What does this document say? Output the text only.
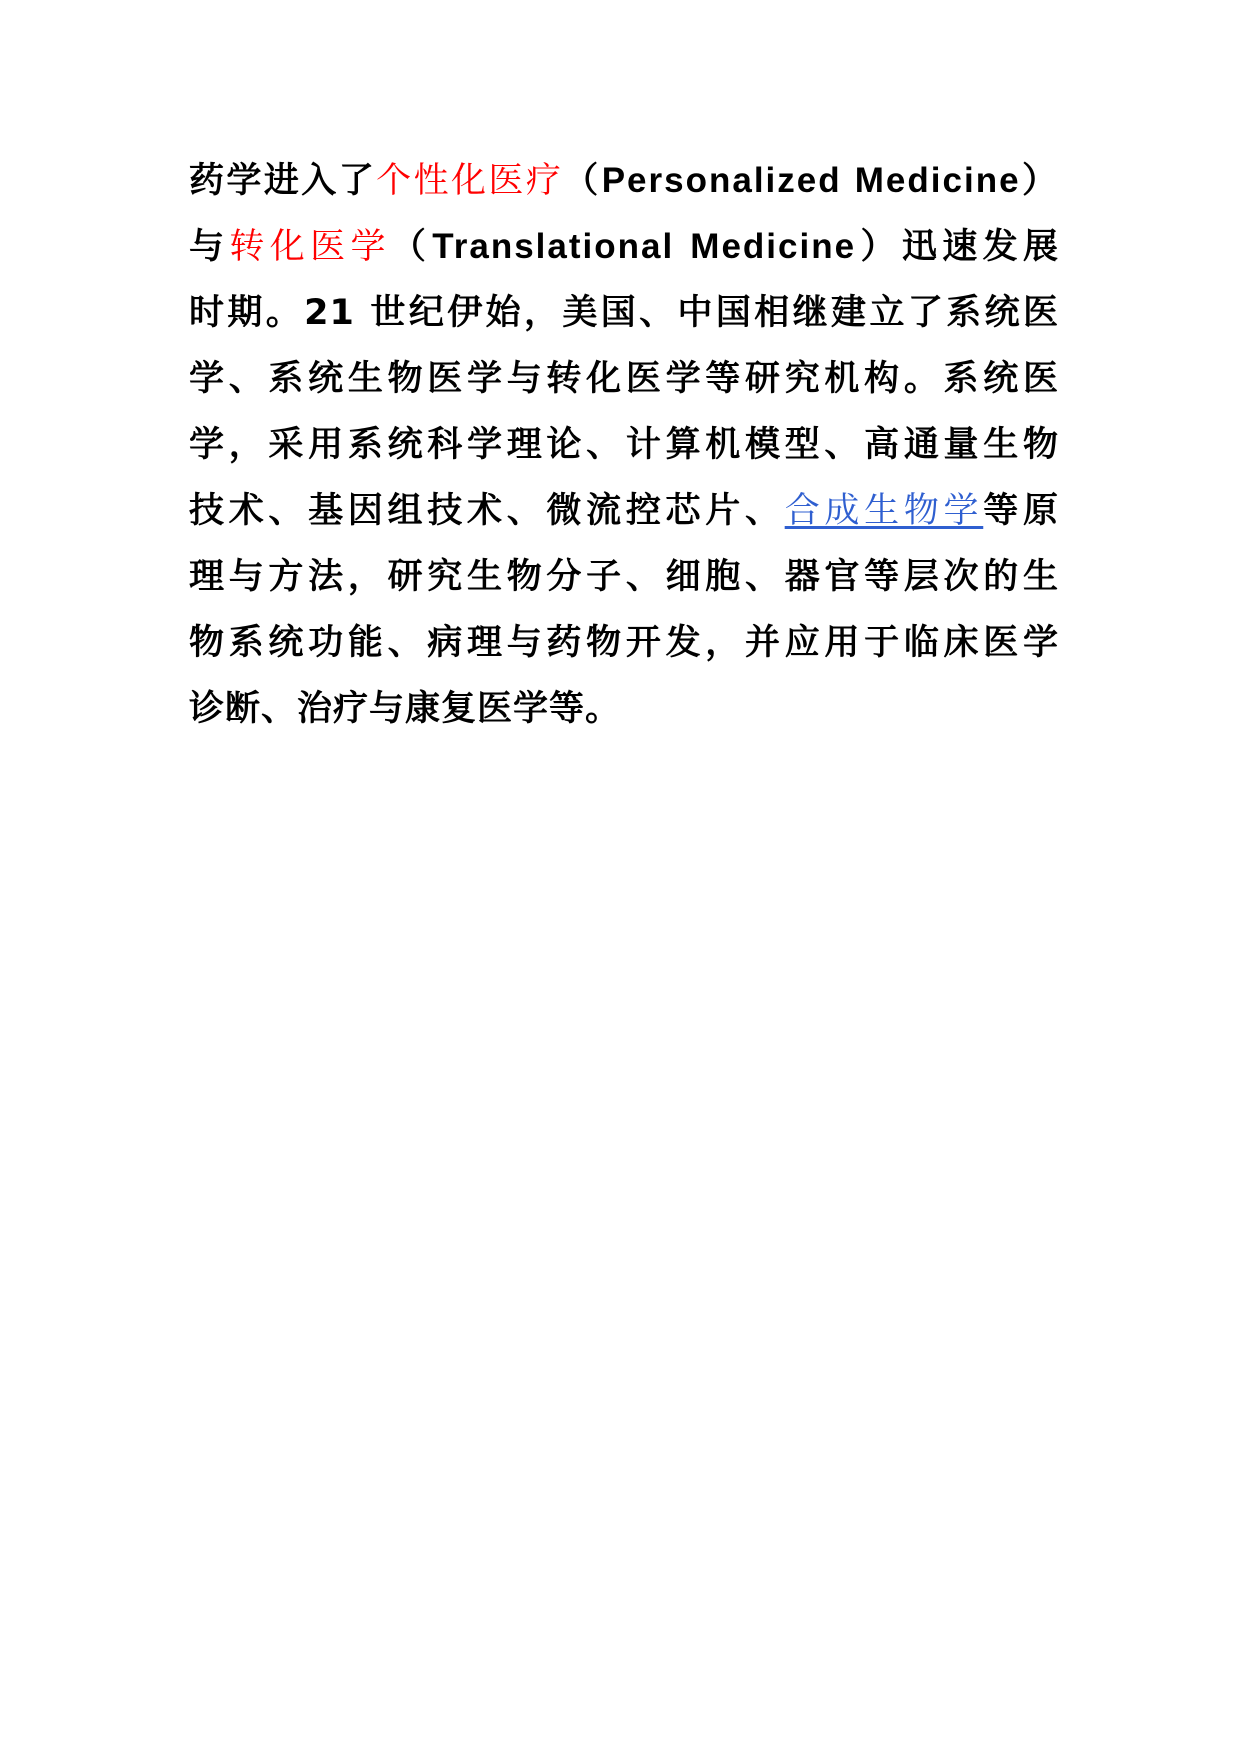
药学进入了个性化医疗（Personalized Medicine）
与转化医学（Translational Medicine）迅速发展
时期。21 世纪伊始，美国、中国相继建立了系统医
学、系统生物医学与转化医学等研究机构。系统医
学，采用系统科学理论、计算机模型、高通量生物
技术、基因组技术、微流控芯片、合成生物学等原
理与方法，研究生物分子、细胞、器官等层次的生
物系统功能、病理与药物开发，并应用于临床医学
诊断、治疗与康复医学等。
